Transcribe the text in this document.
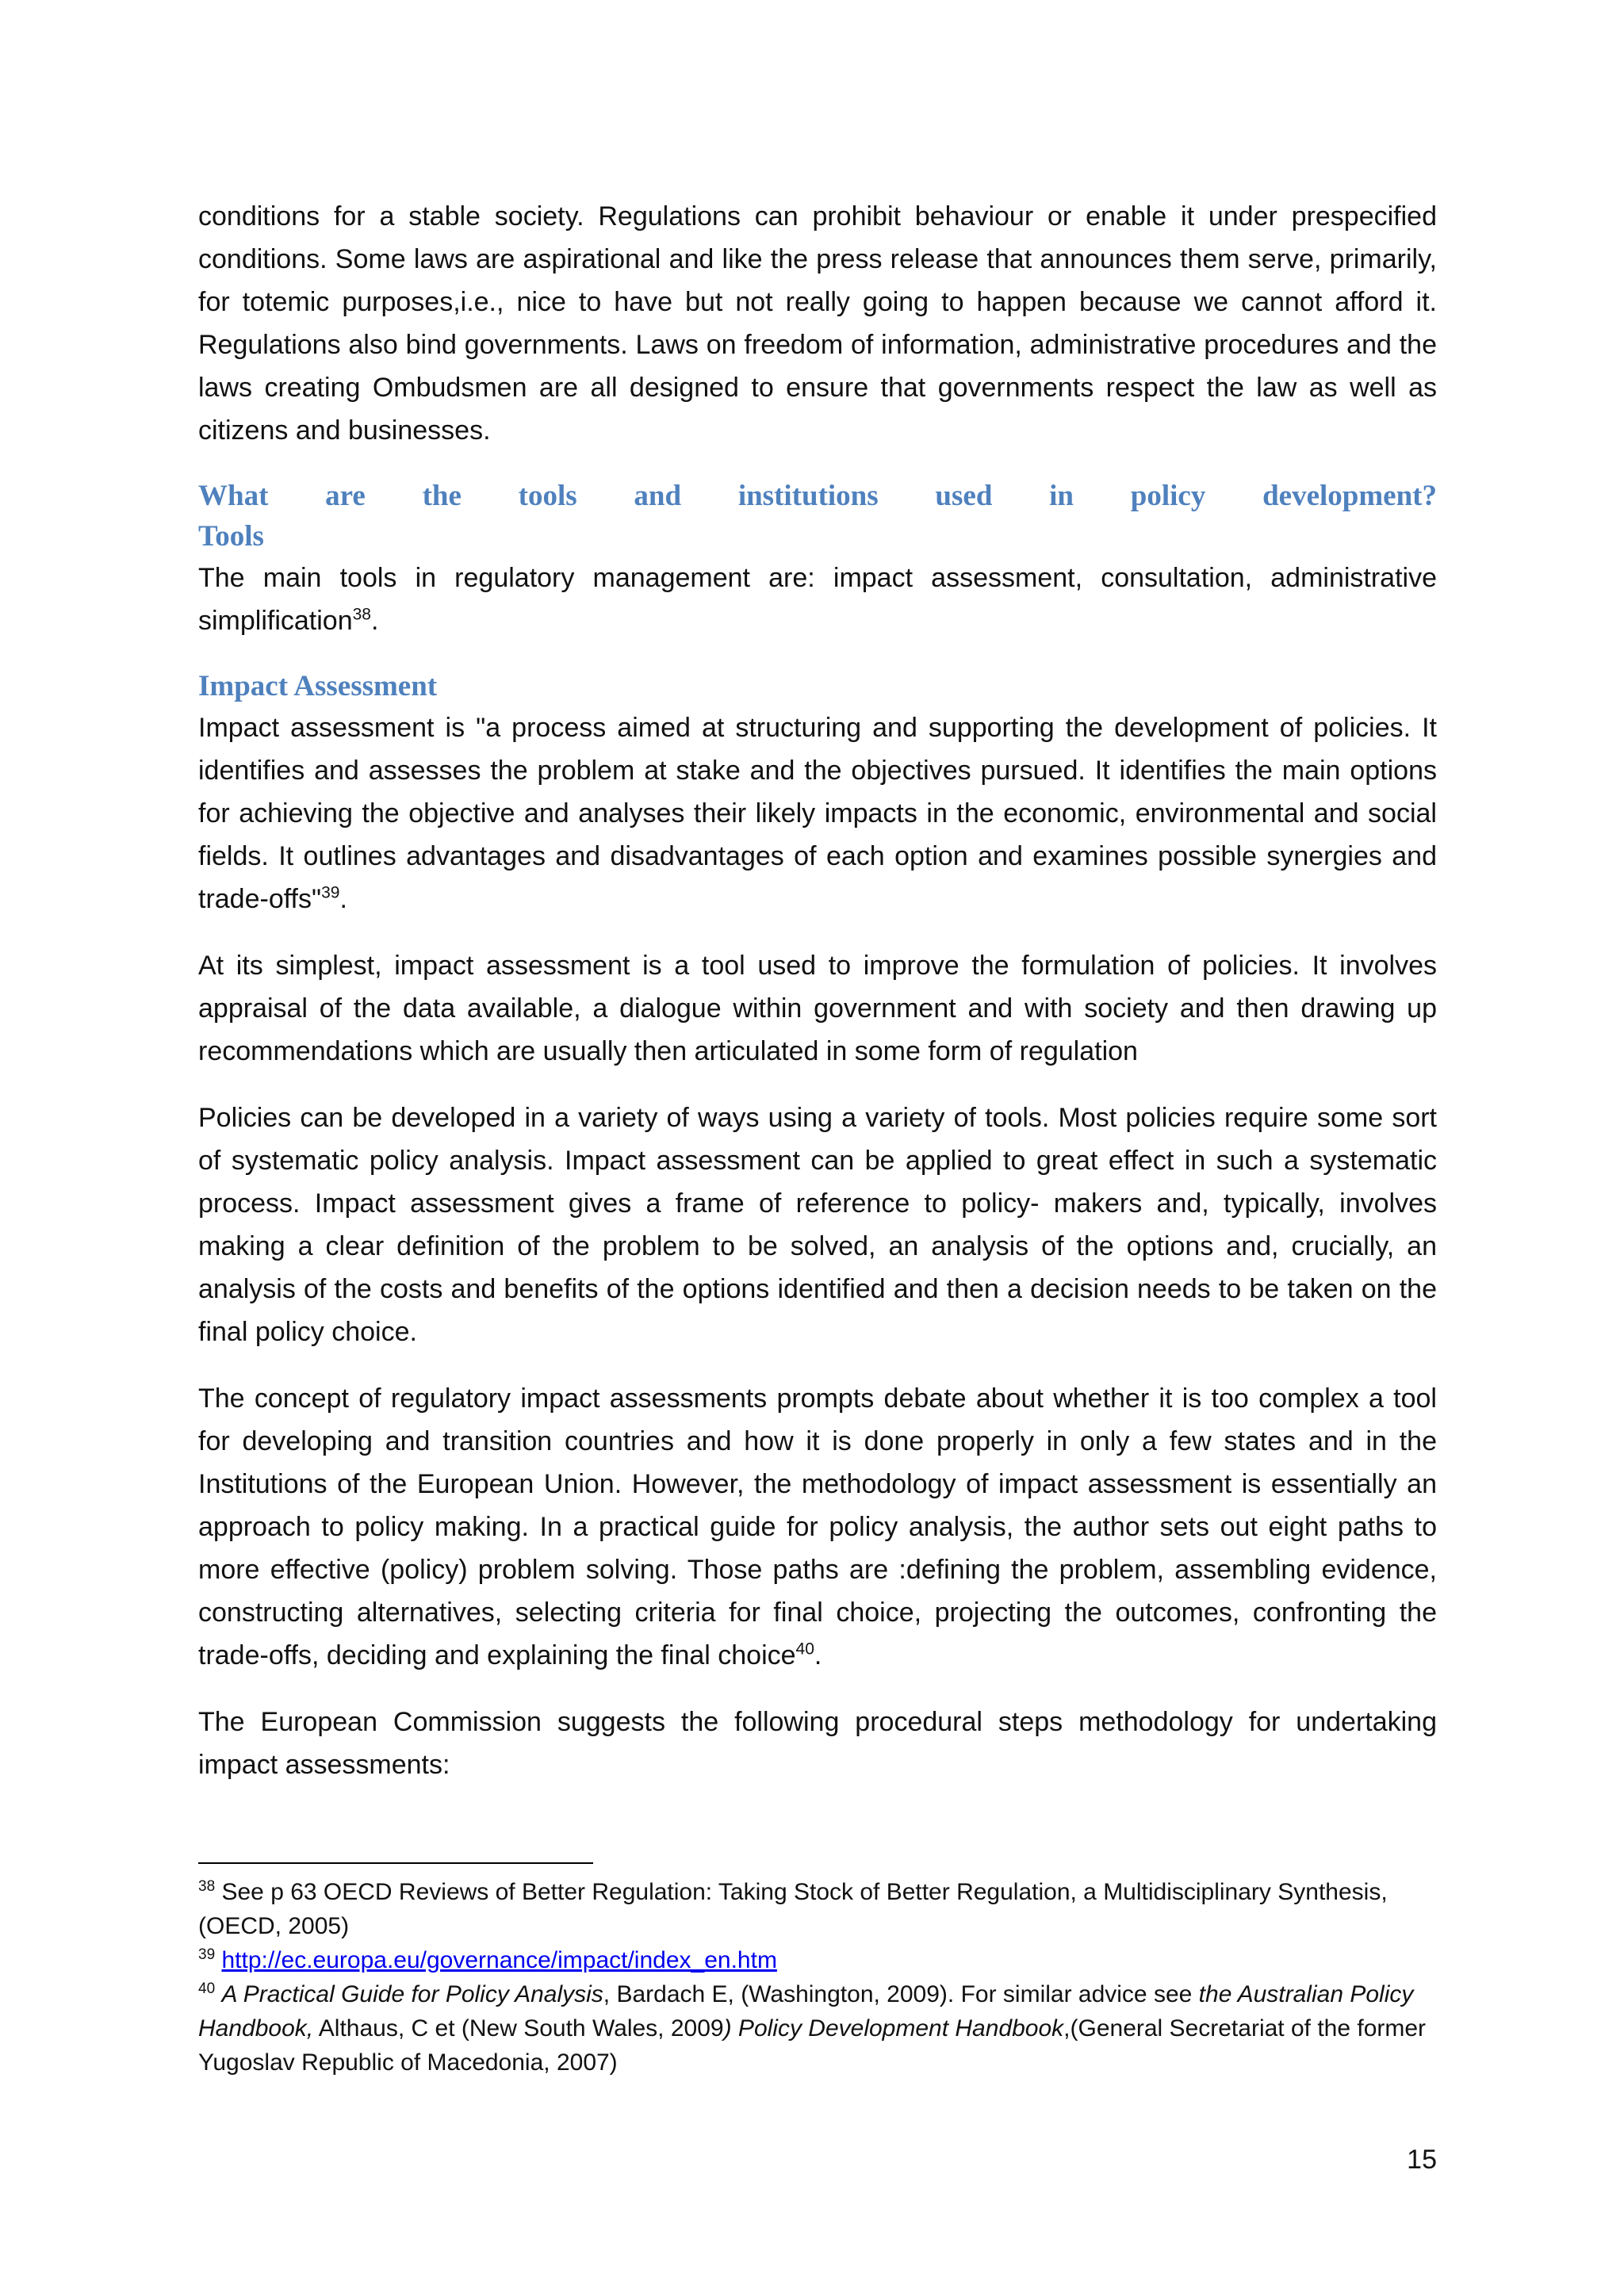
conditions for a stable society. Regulations can prohibit behaviour or enable it under prespecified conditions. Some laws are aspirational and like the press release that announces them serve, primarily, for totemic purposes,i.e., nice to have but not really going to happen because we cannot afford it. Regulations also bind governments. Laws on freedom of information, administrative procedures and the laws creating Ombudsmen are all designed to ensure that governments respect the law as well as citizens and businesses.

What are the tools and institutions used in policy development?
Tools

The main tools in regulatory management are: impact assessment, consultation, administrative simplification$^{38}$.

Impact Assessment

Impact assessment is "a process aimed at structuring and supporting the development of policies. It identifies and assesses the problem at stake and the objectives pursued. It identifies the main options for achieving the objective and analyses their likely impacts in the economic, environmental and social fields. It outlines advantages and disadvantages of each option and examines possible synergies and trade-offs"$^{39}$.

At its simplest, impact assessment is a tool used to improve the formulation of policies. It involves appraisal of the data available, a dialogue within government and with society and then drawing up recommendations which are usually then articulated in some form of regulation

Policies can be developed in a variety of ways using a variety of tools. Most policies require some sort of systematic policy analysis. Impact assessment can be applied to great effect in such a systematic process. Impact assessment gives a frame of reference to policy- makers and, typically, involves making a clear definition of the problem to be solved, an analysis of the options and, crucially, an analysis of the costs and benefits of the options identified and then a decision needs to be taken on the final policy choice.

The concept of regulatory impact assessments prompts debate about whether it is too complex a tool for developing and transition countries and how it is done properly in only a few states and in the Institutions of the European Union. However, the methodology of impact assessment is essentially an approach to policy making. In a practical guide for policy analysis, the author sets out eight paths to more effective (policy) problem solving. Those paths are :defining the problem, assembling evidence, constructing alternatives, selecting criteria for final choice, projecting the outcomes, confronting the trade-offs, deciding and explaining the final choice$^{40}$.

The European Commission suggests the following procedural steps methodology for undertaking impact assessments:

$^{38}$ See p 63 OECD Reviews of Better Regulation: Taking Stock of Better Regulation, a Multidisciplinary Synthesis, (OECD, 2005)

$^{39}$ http://ec.europa.eu/governance/impact/index_en.htm

$^{40}$ A Practical Guide for Policy Analysis, Bardach E, (Washington, 2009). For similar advice see the Australian Policy Handbook, Althaus, C et (New South Wales, 2009) Policy Development Handbook,(General Secretariat of the former Yugoslav Republic of Macedonia, 2007)

15
